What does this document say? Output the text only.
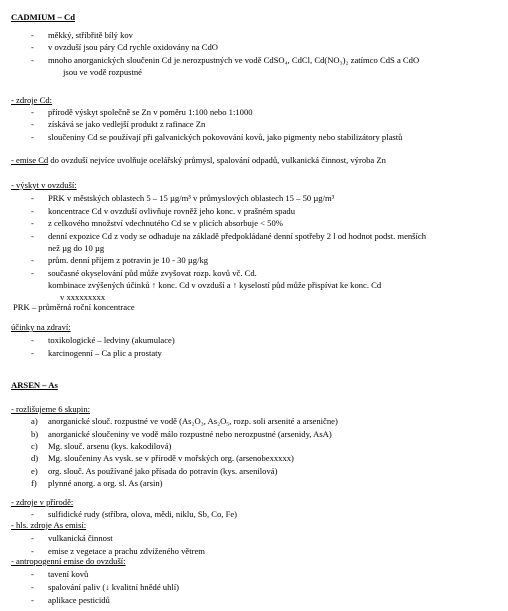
CADMIUM – Cd
- měkký, stříbřitě bílý kov
- v ovzduší jsou páry Cd rychle oxidovány na CdO
- mnoho anorganických sloučenin Cd je nerozpustných ve vodě CdSO₄, CdCl, Cd(NO₃)₂ zatímco CdS a CdO
jsou ve vodě rozpustné
- zdroje Cd:
- přírodě výskyt společně se Zn v poměru 1:100 nebo 1:1000
- získává se jako vedlejší produkt z rafinace Zn
- sloučeniny Cd se používají při galvanických pokovování kovů, jako pigmenty nebo stabilizátory plastů
- emise Cd do ovzduší nejvíce uvolňuje ocelářský průmysl, spalování odpadů, vulkanická činnost, výroba Zn
- výskyt v ovzduší:
- PRK v městských oblastech 5 – 15 µg/m³ v průmyslových oblastech 15 – 50 µg/m³
- koncentrace Cd v ovzduší ovlivňuje rovněž jeho konc. v prašném spadu
- z celkového množství vdechnutého Cd se v plicích absorbuje < 50%
- denní expozice Cd z vody se odhaduje na základě předpokládané denní spotřeby 2 l od hodnot podst. menších
než µg do 10 µg
- prům. denní příjem z potravin je 10 - 30 µg/kg
- současné okyselování půd může zvyšovat rozp. kovů vč. Cd.
kombinace zvýšených účinků ↑ konc. Cd v ovzduší a ↑ kyselostí půd může přispívat ke konc. Cd
v xxxxxxxxx
PRK – průměrná roční koncentrace
účinky na zdraví:
- toxikologické – ledviny (akumulace)
- karcinogenní – Ca plic a prostaty
ARSEN – As
- rozlišujeme 6 skupin:
a) anorganické slouč. rozpustné ve vodě (As₂O₃, As₂O₅, rozp. soli arsenité a arsenične)
b) anorganické sloučeniny ve vodě málo rozpustné nebo nerozpustné (arsenidy, AsA)
c) Mg. slouč. arsenu (kys. kakodilová)
d) Mg. sloučeniny As vysk. se v přírodě v mořských org. (arsenobexxxxx)
e) org. slouč. As používané jako přísada do potravin (kys. arsenilová)
f) plynné anorg. a org. sl. As (arsin)
- zdroje v přírodě:
- sulfidické rudy (stříbra, olova, mědi, niklu, Sb, Co, Fe)
- hls. zdroje As emisí:
- vulkanická činnost
- emise z vegetace a prachu zdviženého větrem
- antropogenní emise do ovzduší:
- tavení kovů
- spalování paliv (↓ kvalitní hnědé uhlí)
- aplikace pesticidů
